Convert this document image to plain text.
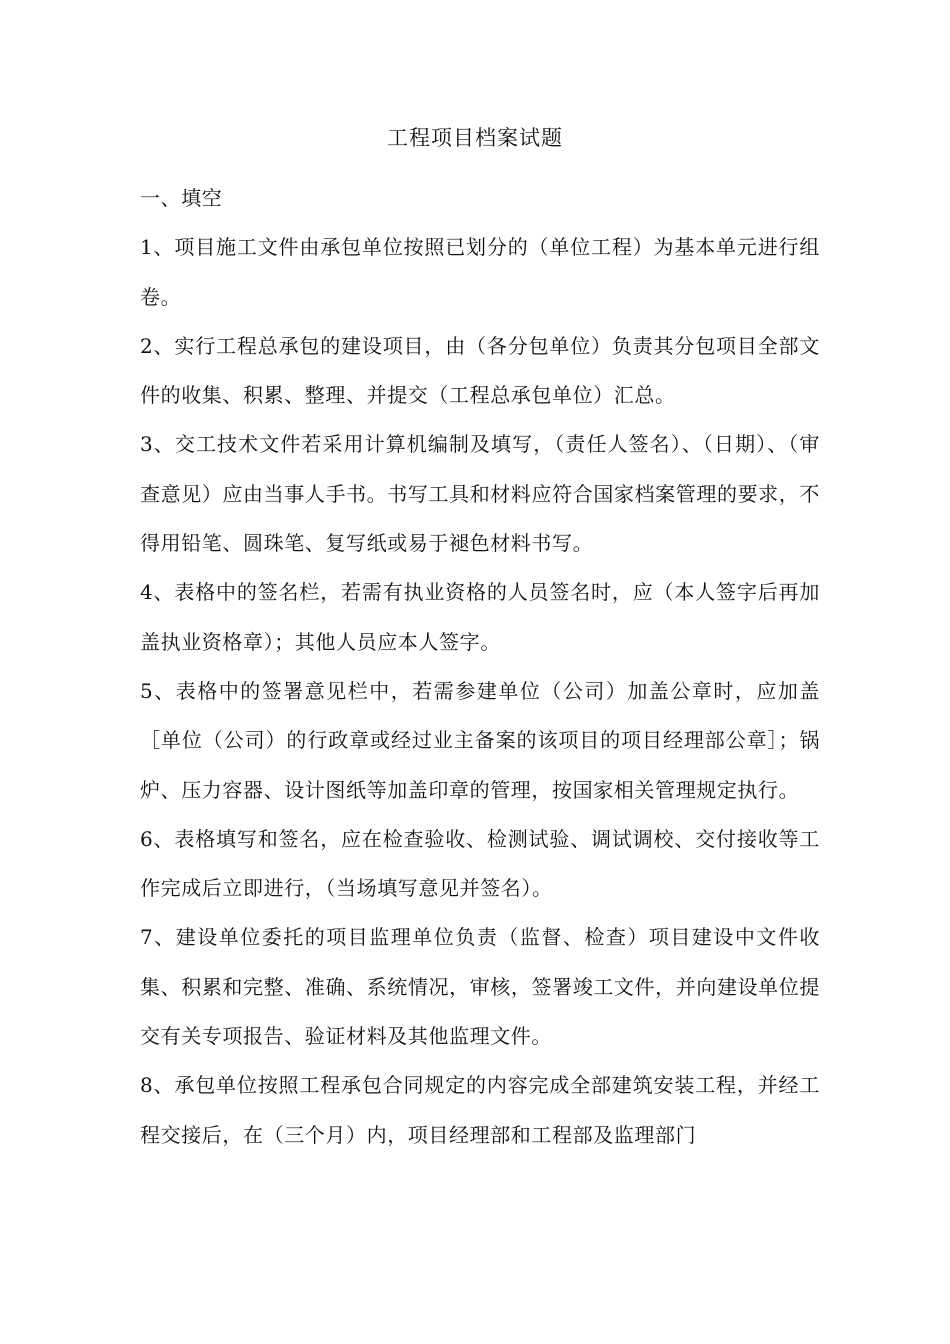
工程项目档案试题

一、填空

1、项目施工文件由承包单位按照已划分的（单位工程）为基本单元进行组卷。

2、实行工程总承包的建设项目，由（各分包单位）负责其分包项目全部文件的收集、积累、整理、并提交（工程总承包单位）汇总。

3、交工技术文件若采用计算机编制及填写，（责任人签名）、（日期）、（审查意见）应由当事人手书。书写工具和材料应符合国家档案管理的要求，不得用铅笔、圆珠笔、复写纸或易于褪色材料书写。

4、表格中的签名栏，若需有执业资格的人员签名时，应（本人签字后再加盖执业资格章）；其他人员应本人签字。

5、表格中的签署意见栏中，若需参建单位（公司）加盖公章时，应加盖［单位（公司）的行政章或经过业主备案的该项目的项目经理部公章］；锅炉、压力容器、设计图纸等加盖印章的管理，按国家相关管理规定执行。

6、表格填写和签名，应在检查验收、检测试验、调试调校、交付接收等工作完成后立即进行，（当场填写意见并签名）。

7、建设单位委托的项目监理单位负责（监督、检查）项目建设中文件收集、积累和完整、准确、系统情况，审核，签署竣工文件，并向建设单位提交有关专项报告、验证材料及其他监理文件。

8、承包单位按照工程承包合同规定的内容完成全部建筑安装工程，并经工程交接后，在（三个月）内，项目经理部和工程部及监理部门
